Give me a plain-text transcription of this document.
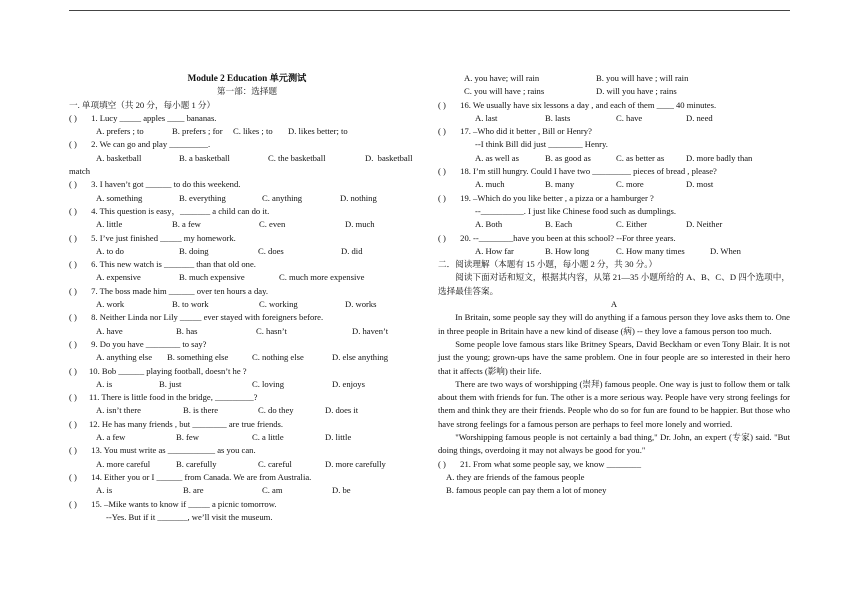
Module 2 Education 单元测试
第一部：选择题
一. 单项填空（共 20 分，每小题 1 分）
( ) 1. Lucy _____ apples ____ bananas.
A. prefers ; to	B. prefers ; for C. likes ; to D. likes better; to
( ) 2. We can go and play _________.
A. basketball	B. a basketball	C. the basketball	D.  basketball
match
( ) 3. I haven’t got ______ to do this weekend.
A. something	B. everything	C. anything	D. nothing
( ) 4. This question is easy，_______ a child can do it.
A. little	B. a few	C. even	D. much
( ) 5. I’ve just finished _____ my homework.
A. to do	B. doing	C. does	D. did
( ) 6. This new watch is _______ than that old one.
A. expensive	B. much expensive	C. much more expensive
( ) 7. The boss made him ______ over ten hours a day.
A. work	B. to work	C. working	D. works
( ) 8. Neither Linda nor Lily _____ ever stayed with foreigners before.
A. have	B. has	C. hasn’t	D. haven’t
( ) 9. Do you have ________ to say?
A. anything else B. something else	C. nothing else	D. else anything
( ) 10. Bob ______ playing football, doesn’t he ?
A. is	B. just	C. loving	D. enjoys
( ) 11. There is little food in the bridge, _________?
A. isn’t there	B. is there	C. do they	D. does it
( ) 12. He has many friends , but ________ are true friends.
A. a few	B. few	C. a little	D. little
( ) 13. You must write as ___________ as you can.
A. more careful	B. carefully	C. careful	D. more carefully
( ) 14. Either you or I ______ from Canada. We are from Australia.
A. is	B. are	C. am	D. be
( ) 15. –Mike wants to know if _____ a picnic tomorrow.
--Yes. But if it _______, we’ll visit the museum.
A. you have; will rain	B. you will have ; will rain
C. you will have ; rains	D. will you have ; rains
( ) 16. We usually have six lessons a day , and each of them ____ 40 minutes.
A. last	B. lasts	C. have	D. need
( ) 17. –Who did it better , Bill or Henry?
--I think Bill did just ________ Henry.
A. as well as	B. as good as	C. as better as	D. more badly than
( ) 18. I’m still hungry. Could I have two _________ pieces of bread , please?
A. much	B. many	C. more	D. most
( ) 19. –Which do you like better , a pizza or a hamburger ?
--__________. I just like Chinese food such as dumplings.
A. Both	B. Each	C. Either	D. Neither
( ) 20. --________have you been at this school? --For three years.
A. How far	B. How long	C. How many times	D. When
二．阅读理解（本题有 15 小题，每小题 2 分，共 30 分。）
阅读下面对话和短文，根据其内容，从第 21—35 小题所给的 A、B、C、D 四个选项中，选择最佳答案。
A
In Britain, some people say they will do anything if a famous person they love asks them to. One in three people in Britain have a new kind of disease (病) -- they love a famous person too much.
Some people love famous stars like Britney Spears, David Beckham or even Tony Blair. It is not just the young; grown-ups have the same problem. One in four people are so interested in their hero that it affects (影响) their life.
There are two ways of worshipping (崇拜) famous people. One way is just to follow them or talk about them with friends for fun. The other is a more serious way. People have very strong feelings for them and think they are their friends. People who do so for fun are found to be happier. But those who have strong feelings for a famous person are perhaps to feel more lonely and worried.
"Worshipping famous people is not certainly a bad thing," Dr. John, an expert (专家) said. "But doing things, overdoing it may not always be good for you."
( ) 21. From what some people say, we know ________
A. they are friends of the famous people
B. famous people can pay them a lot of money
